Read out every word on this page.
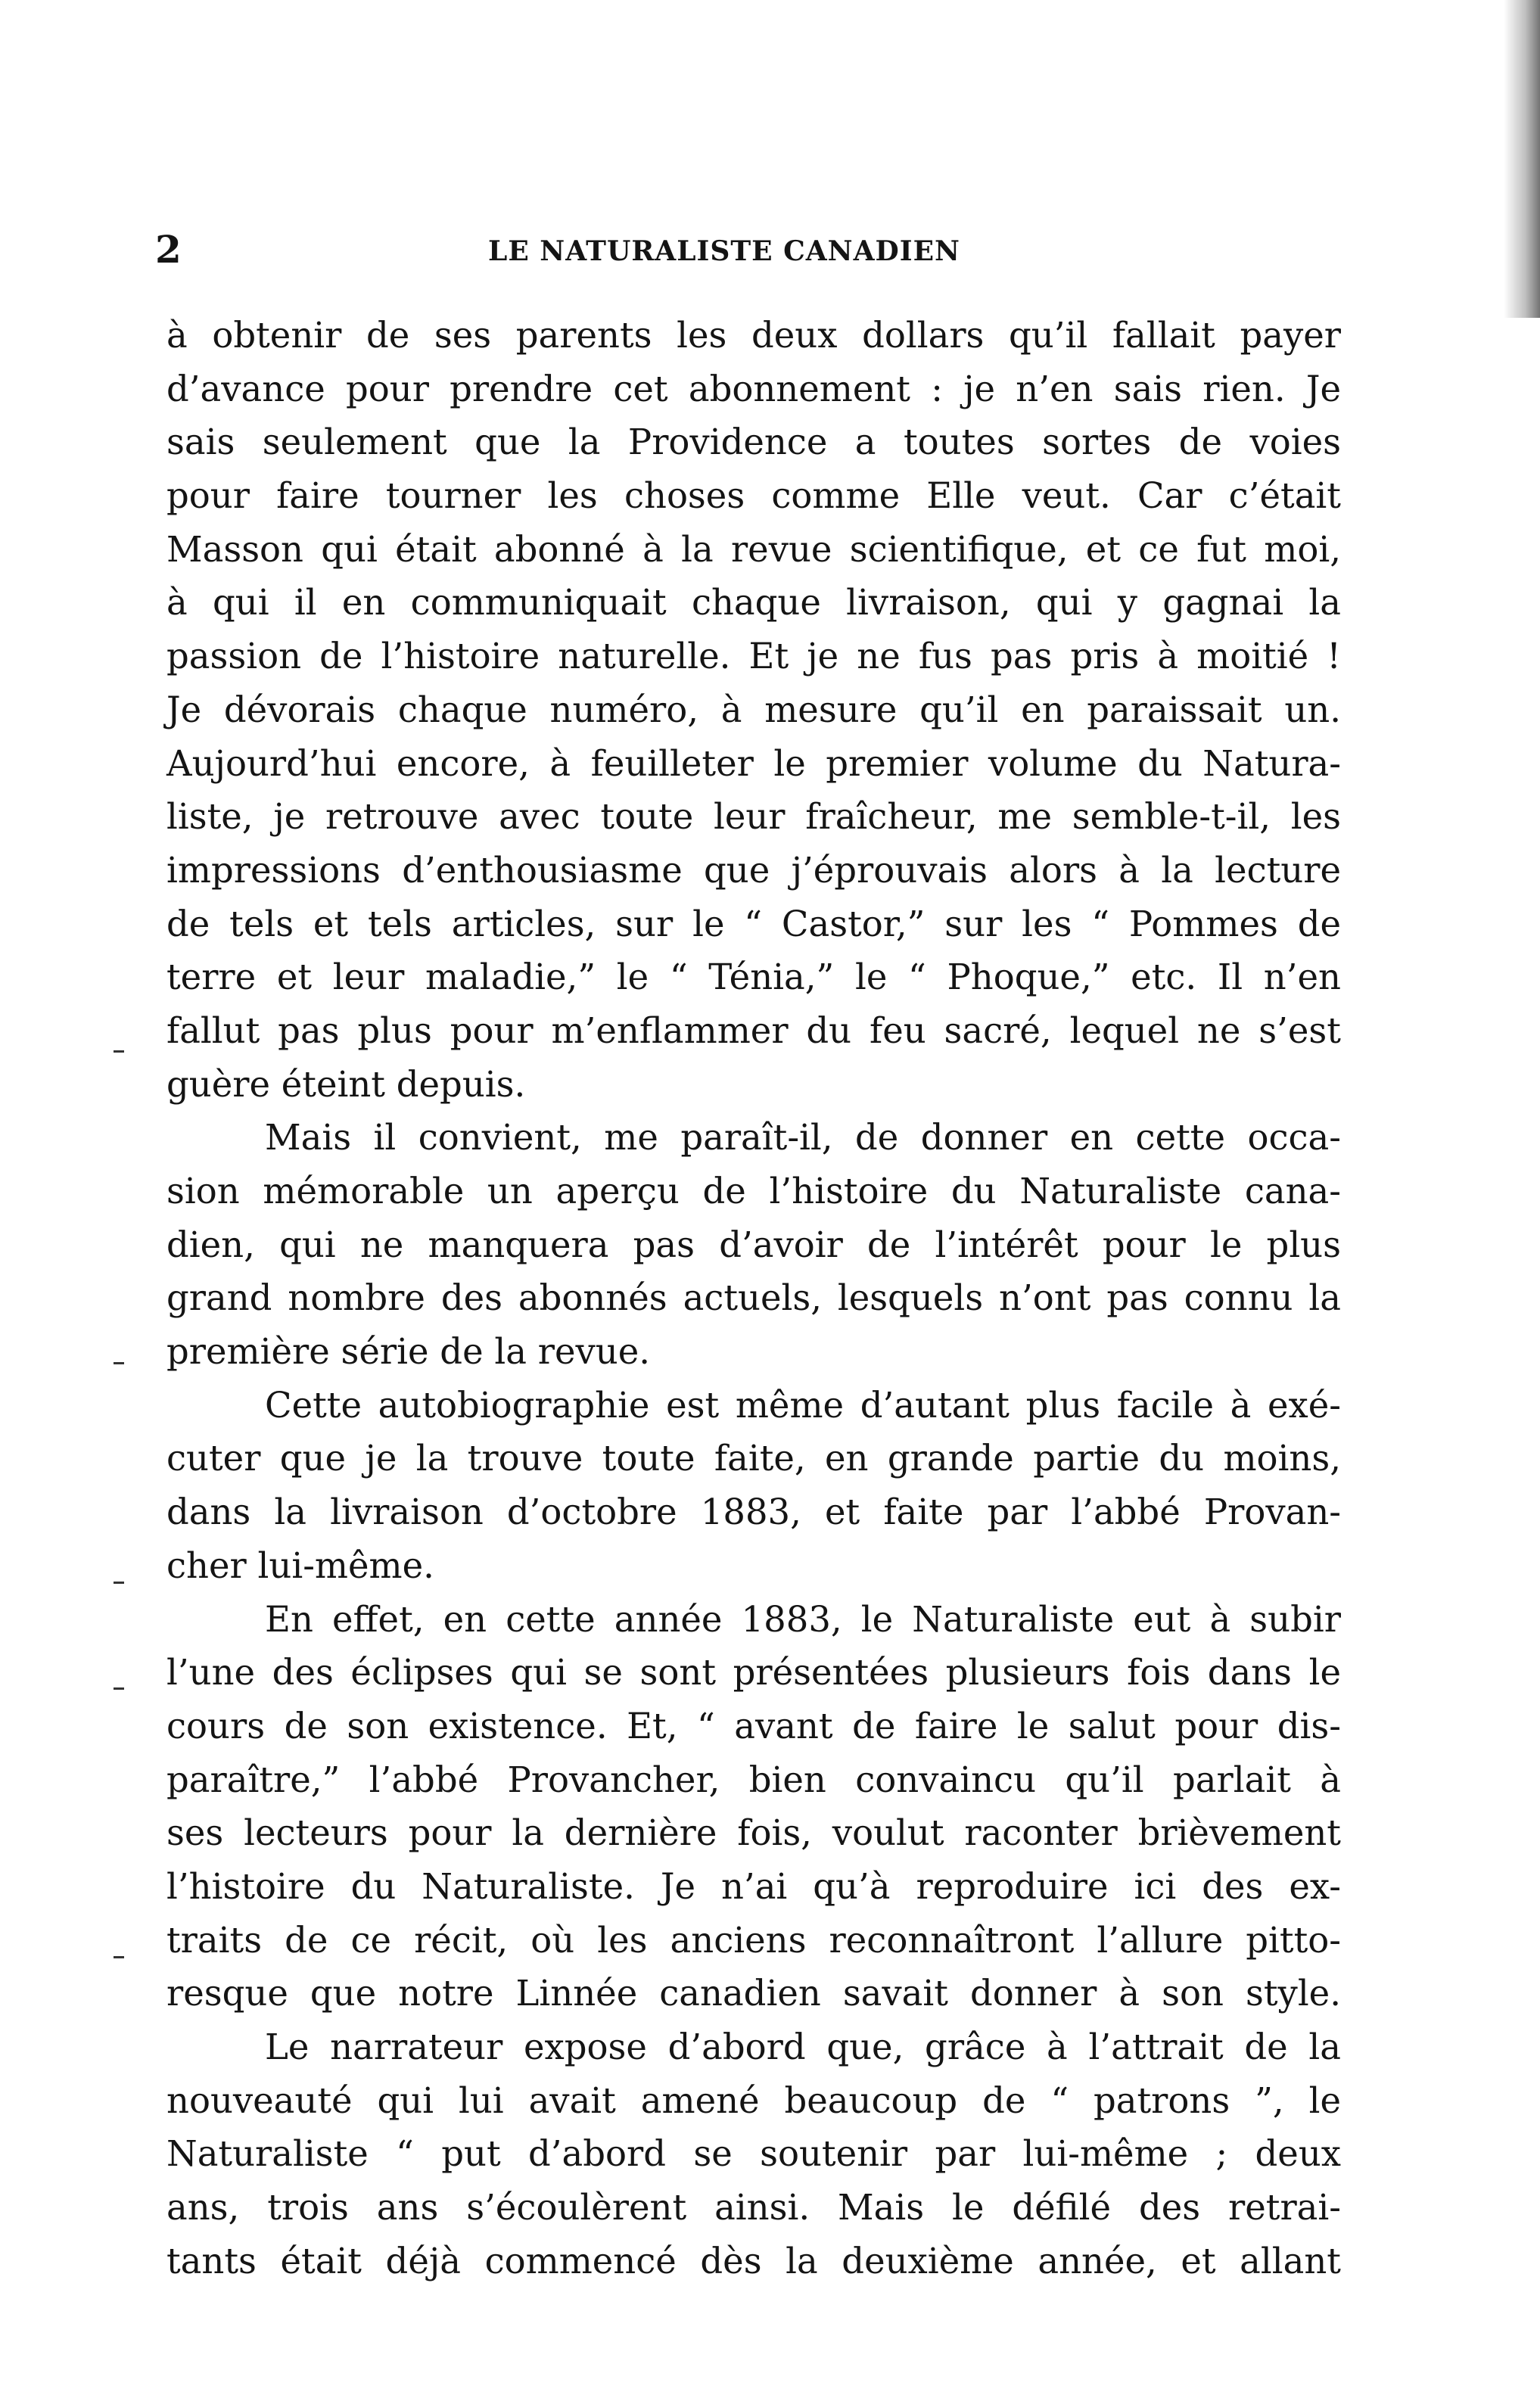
2	LE NATURALISTE CANADIEN
à obtenir de ses parents les deux dollars qu’il fallait payer
d’avance pour prendre cet abonnement : je n’en sais rien. Je
sais seulement que la Providence a toutes sortes de voies
pour faire tourner les choses comme Elle veut. Car c’était
Masson qui était abonné à la revue scientifique, et ce fut moi,
à qui il en communiquait chaque livraison, qui y gagnai la
passion de l’histoire naturelle. Et je ne fus pas pris à moitié !
Je dévorais chaque numéro, à mesure qu’il en paraissait un.
Aujourd’hui encore, à feuilleter le premier volume du Natura-
liste, je retrouve avec toute leur fraîcheur, me semble-t-il, les
impressions d’enthousiasme que j’éprouvais alors à la lecture
de tels et tels articles, sur le “ Castor,” sur les “ Pommes de
terre et leur maladie,” le “ Ténia,” le “ Phoque,” etc. Il n’en
fallut pas plus pour m’enflammer du feu sacré, lequel ne s’est
guère éteint depuis.
Mais il convient, me paraît-il, de donner en cette occa-
sion mémorable un aperçu de l’histoire du Naturaliste cana-
dien, qui ne manquera pas d’avoir de l’intérêt pour le plus
grand nombre des abonnés actuels, lesquels n’ont pas connu la
première série de la revue.
Cette autobiographie est même d’autant plus facile à exé-
cuter que je la trouve toute faite, en grande partie du moins,
dans la livraison d’octobre 1883, et faite par l’abbé Provan-
cher lui-même.
En effet, en cette année 1883, le Naturaliste eut à subir
l’une des éclipses qui se sont présentées plusieurs fois dans le
cours de son existence. Et, “ avant de faire le salut pour dis-
paraître,” l’abbé Provancher, bien convaincu qu’il parlait à
ses lecteurs pour la dernière fois, voulut raconter brièvement
l’histoire du Naturaliste. Je n’ai qu’à reproduire ici des ex-
traits de ce récit, où les anciens reconnaîtront l’allure pitto-
resque que notre Linnée canadien savait donner à son style.
Le narrateur expose d’abord que, grâce à l’attrait de la
nouveauté qui lui avait amené beaucoup de “ patrons ”, le
Naturaliste “ put d’abord se soutenir par lui-même ; deux
ans, trois ans s’écoulèrent ainsi. Mais le défilé des retrai-
tants était déjà commencé dès la deuxième année, et allant
